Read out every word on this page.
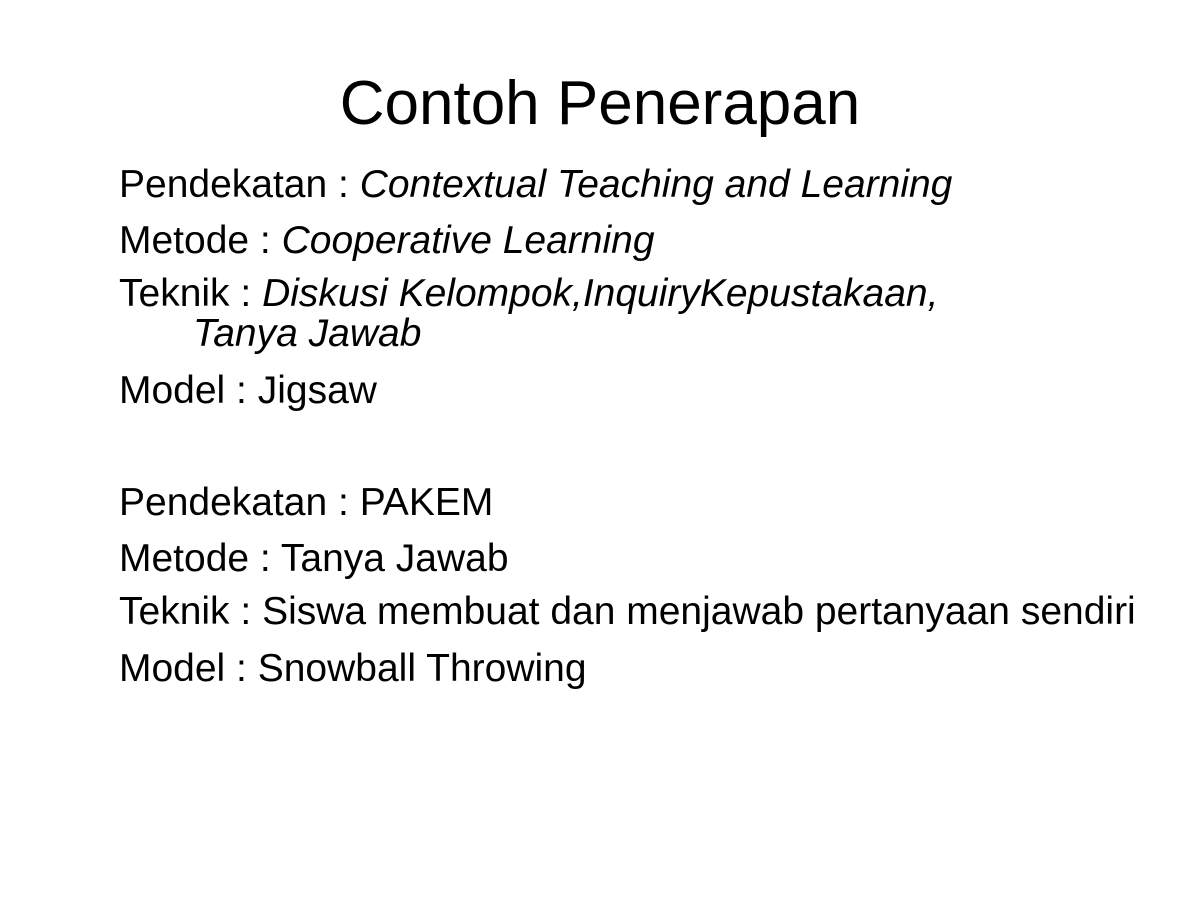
Contoh Penerapan
Pendekatan : Contextual Teaching and Learning
Metode : Cooperative Learning
Teknik : Diskusi Kelompok,InquiryKepustakaan,
Tanya Jawab
Model : Jigsaw
Pendekatan : PAKEM
Metode : Tanya Jawab
Teknik : Siswa membuat dan menjawab pertanyaan sendiri
Model : Snowball Throwing
